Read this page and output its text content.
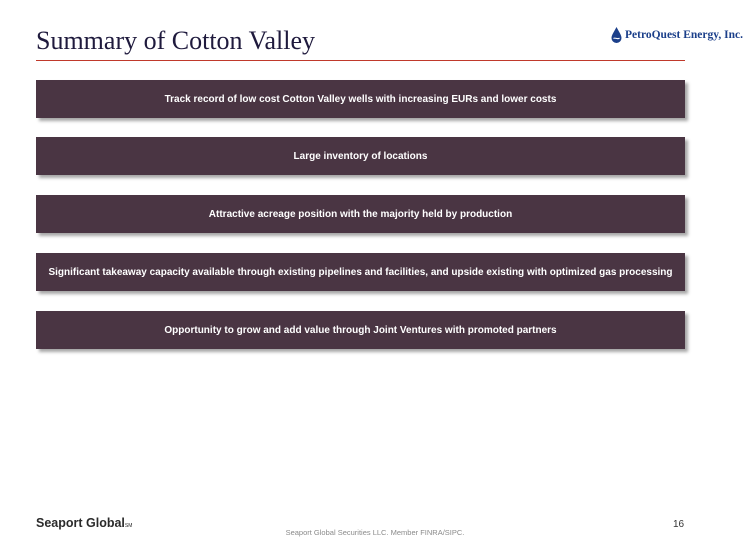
Summary of Cotton Valley	PetroQuest Energy, Inc.
Track record of low cost Cotton Valley wells with increasing EURs and lower costs
Large inventory of locations
Attractive acreage position with the majority held by production
Significant takeaway capacity available through existing pipelines and facilities, and upside existing with optimized gas processing
Opportunity to grow and add value through Joint Ventures with promoted partners
Seaport GlobalSM	16
Seaport Global Securities LLC. Member FINRA/SIPC.
